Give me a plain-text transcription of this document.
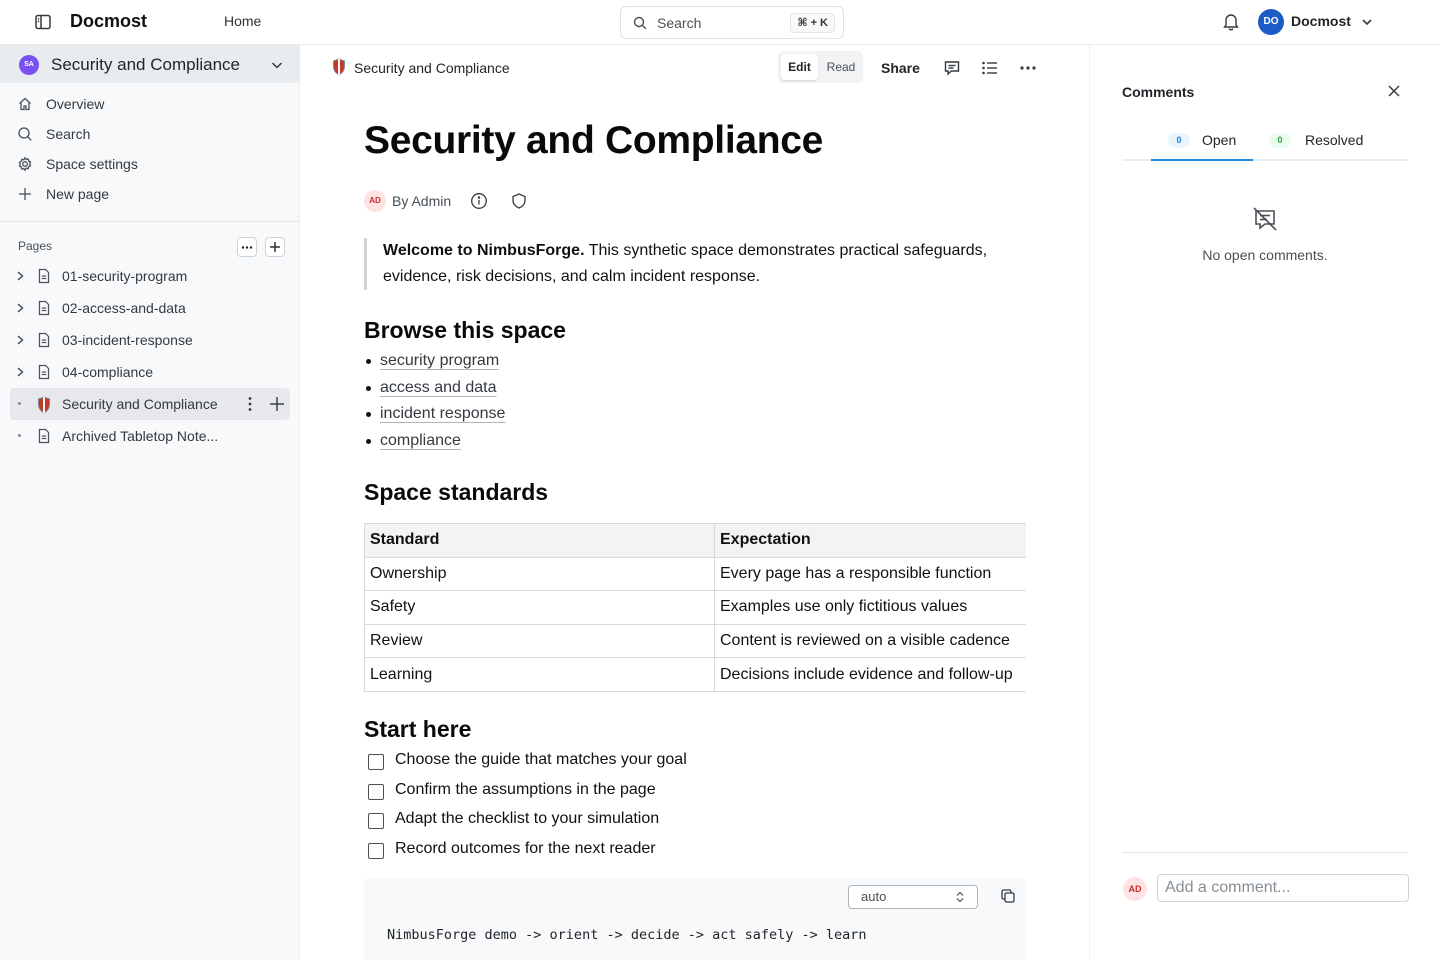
Docmost	Home	Search	⌘ + K	DO Docmost
SA	Security and Compliance
Overview
Search
Space settings
New page
Pages
01-security-program
02-access-and-data
03-incident-response
04-compliance
Security and Compliance
Archived Tabletop Note...
Security and Compliance	Edit	Read	Share
Security and Compliance
AD By Admin
Welcome to NimbusForge. This synthetic space demonstrates practical safeguards, evidence, risk decisions, and calm incident response.
Browse this space
security program
access and data
incident response
compliance
Space standards
Standard	Expectation
Ownership	Every page has a responsible function
Safety	Examples use only fictitious values
Review	Content is reviewed on a visible cadence
Learning	Decisions include evidence and follow-up
Start here
Choose the guide that matches your goal
Confirm the assumptions in the page
Adapt the checklist to your simulation
Record outcomes for the next reader
auto
NimbusForge demo -> orient -> decide -> act safely -> learn
Comments
0	Open	0	Resolved
No open comments.
AD
Add a comment...
